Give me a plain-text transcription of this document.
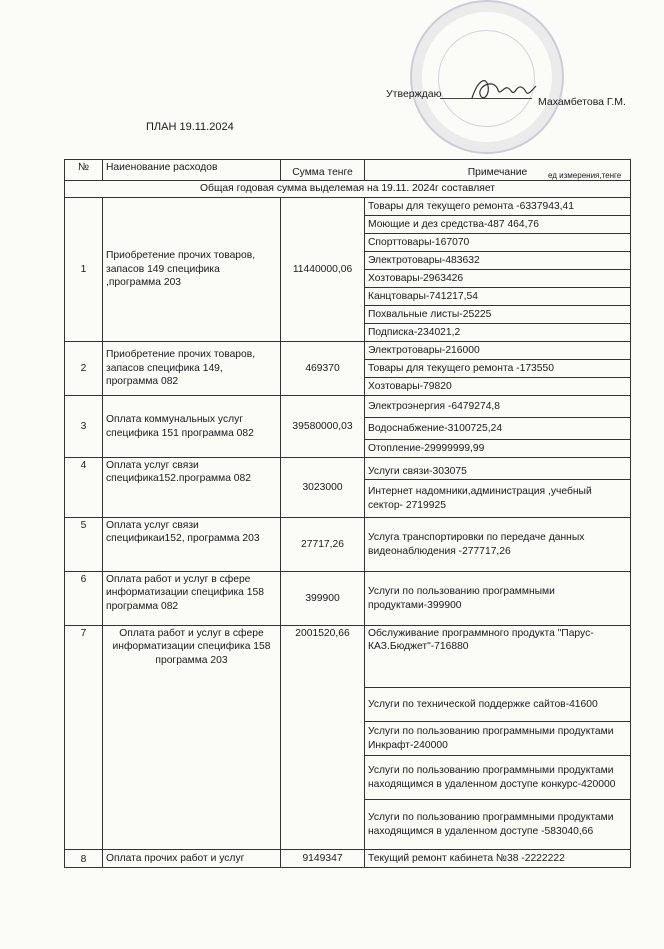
Утверждаю
Махамбетова Г.М.
ПЛАН 19.11.2024
ед измерения,тенге
№	Наиенование расходов	Сумма тенге	Примечание
Общая годовая сумма выделемая на 19.11. 2024г составляет			
1	Приобретение прочих товаров, запасов 149 специфика ,программа 203	11440000,06	Товары для текущего ремонта -6337943,41
			Моющие и дез средства-487 464,76
			Спорттовары-167070
			Электротовары-483632
			Хозтовары-2963426
			Канцтовары-741217,54
			Похвальные листы-25225
			Подписка-234021,2
2	Приобретение прочих товаров, запасов специфика 149, программа 082	469370	Электротовары-216000
			Товары для текущего ремонта -173550
			Хозтовары-79820
3	Оплата коммунальных услуг специфика 151 программа 082	39580000,03	Электроэнергия -6479274,8
			Водоснабжение-3100725,24
			Отопление-29999999,99
4	Оплата услуг связи специфика152.программа 082	3023000	Услуги связи-303075
			Интернет надомники,администрация ,учебный сектор- 2719925
5	Оплата услуг связи спецификаи152, программа 203	27717,26	Услуга транспортировки по передаче данных видеонаблюдения -277717,26
6	Оплата работ и услуг в сфере информатизации специфика 158 программа 082	399900	Услуги по пользованию программными продуктами-399900
7	Оплата работ и услуг в сфере информатизации специфика 158 программа 203	2001520,66	Обслуживание программного продукта "Парус-КАЗ.Бюджет"-716880
			Услуги по технической поддержке сайтов-41600
			Услуги по пользованию программными продуктами Инкрафт-240000
			Услуги по пользованию программными продуктами находящимся в удаленном доступе конкурс-420000
			Услуги по пользованию программными продуктами находящимся в удаленном доступе -583040,66
8	Оплата прочих работ и услуг	9149347	Текущий ремонт кабинета №38 -2222222
